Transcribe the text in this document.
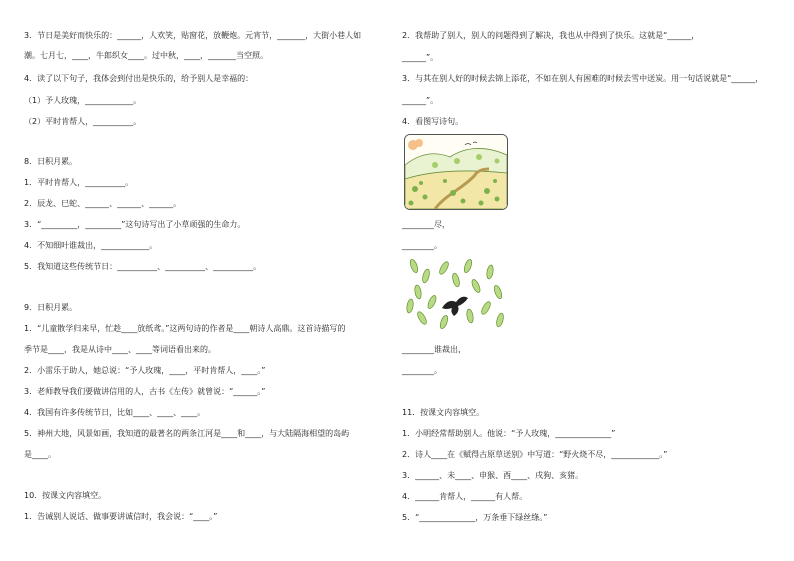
3．节日是美好而快乐的：______，人欢笑，贴窗花，放鞭炮。元宵节，_______，大街小巷人如
潮。七月七，____，牛郎织女____。过中秋，____，_______当空照。
4．读了以下句子，我体会到付出是快乐的，给予别人是幸福的：
（1）予人玫瑰，____________。
（2）平时肯帮人，__________。
8．日积月累。
1．平时肯帮人，__________。
2．辰龙、巳蛇、______、______、______。
3．“_________，_________”这句诗写出了小草顽强的生命力。
4．不知细叶谁裁出，____________。
5．我知道这些传统节日：__________、__________、__________。
9．日积月累。
1．“儿童散学归来早，忙趁____放纸鸢。”这两句诗的作者是____朝诗人高鼎。这首诗描写的
季节是____，我是从诗中____、____等词语看出来的。
2．小雷乐于助人，她总说：“予人玫瑰，____，平时肯帮人，____。”
3．老师教导我们要做讲信用的人，古书《左传》就曾说：“______。”
4．我国有许多传统节日，比如____、____、____。
5．神州大地，风景如画，我知道的最著名的两条江河是____和____，与大陆隔海相望的岛屿
是____。
10．按课文内容填空。
1．告诫别人说话、做事要讲诚信时，我会说：“____。”
2．我帮助了别人，别人的问题得到了解决，我也从中得到了快乐。这就是“______，
______”。
3．与其在别人好的时候去锦上添花，不如在别人有困难的时候去雪中送炭。用一句话说就是“______，
______”。
4．看图写诗句。
________尽，
________。
________谁裁出，
________。
11．按课文内容填空。
1．小明经常帮助别人。他说：“予人玫瑰，______________”
2．诗人____在《赋得古原草送别》中写道：“野火烧不尽，____________。”
3．______、未____、申猴、酉____、戌狗、亥猪。
4．______肯帮人，______有人帮。
5．“______________，万条垂下绿丝绦。”
